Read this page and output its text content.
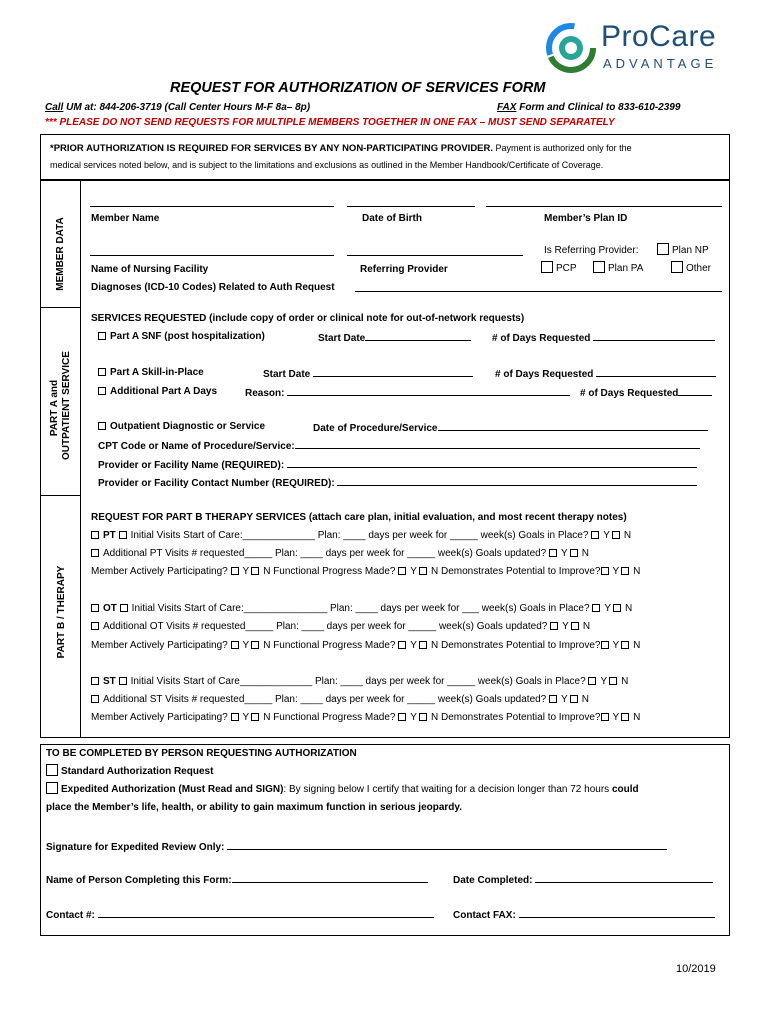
ProCare
ADVANTAGE
REQUEST FOR AUTHORIZATION OF SERVICES FORM
Call UM at: 844-206-3719 (Call Center Hours M-F 8a– 8p)	FAX Form and Clinical to 833-610-2399
*** PLEASE DO NOT SEND REQUESTS FOR MULTIPLE MEMBERS TOGETHER IN ONE FAX – MUST SEND SEPARATELY
*PRIOR AUTHORIZATION IS REQUIRED FOR SERVICES BY ANY NON-PARTICIPATING PROVIDER. Payment is authorized only for the
medical services noted below, and is subject to the limitations and exclusions as outlined in the Member Handbook/Certificate of Coverage.
MEMBER DATA
PART A and OUTPATIENT SERVICE
PART B / THERAPY
Member Name	Date of Birth	Member’s Plan ID
Is Referring Provider:	Plan NP
PCP	Plan PA	Other
Name of Nursing Facility	Referring Provider
Diagnoses (ICD-10 Codes) Related to Auth Request
SERVICES REQUESTED (include copy of order or clinical note for out-of-network requests)
Part A SNF (post hospitalization)	Start Date	# of Days Requested
Part A Skill-in-Place	Start Date	# of Days Requested
Additional Part A Days	Reason:	# of Days Requested
Outpatient Diagnostic or Service	Date of Procedure/Service
CPT Code or Name of Procedure/Service:
Provider or Facility Name (REQUIRED):
Provider or Facility Contact Number (REQUIRED):
REQUEST FOR PART B THERAPY SERVICES (attach care plan, initial evaluation, and most recent therapy notes)
PT Initial Visits Start of Care:_____________ Plan: ____ days per week for _____ week(s) Goals in Place? Y N
Additional PT Visits # requested_____ Plan: ____ days per week for _____ week(s) Goals updated? Y N
Member Actively Participating? Y N Functional Progress Made? Y N Demonstrates Potential to Improve? Y N
OT Initial Visits Start of Care:_______________ Plan: ____ days per week for ___ week(s) Goals in Place? Y N
Additional OT Visits # requested_____ Plan: ____ days per week for _____ week(s) Goals updated? Y N
Member Actively Participating? Y N Functional Progress Made? Y N Demonstrates Potential to Improve? Y N
ST Initial Visits Start of Care_____________ Plan: ____ days per week for _____ week(s) Goals in Place? Y N
Additional ST Visits # requested_____ Plan: ____ days per week for _____ week(s) Goals updated? Y N
Member Actively Participating? Y N Functional Progress Made? Y N Demonstrates Potential to Improve? Y N
TO BE COMPLETED BY PERSON REQUESTING AUTHORIZATION
Standard Authorization Request
Expedited Authorization (Must Read and SIGN): By signing below I certify that waiting for a decision longer than 72 hours could
place the Member’s life, health, or ability to gain maximum function in serious jeopardy.
Signature for Expedited Review Only:
Name of Person Completing this Form:	Date Completed:
Contact #:	Contact FAX:
10/2019
